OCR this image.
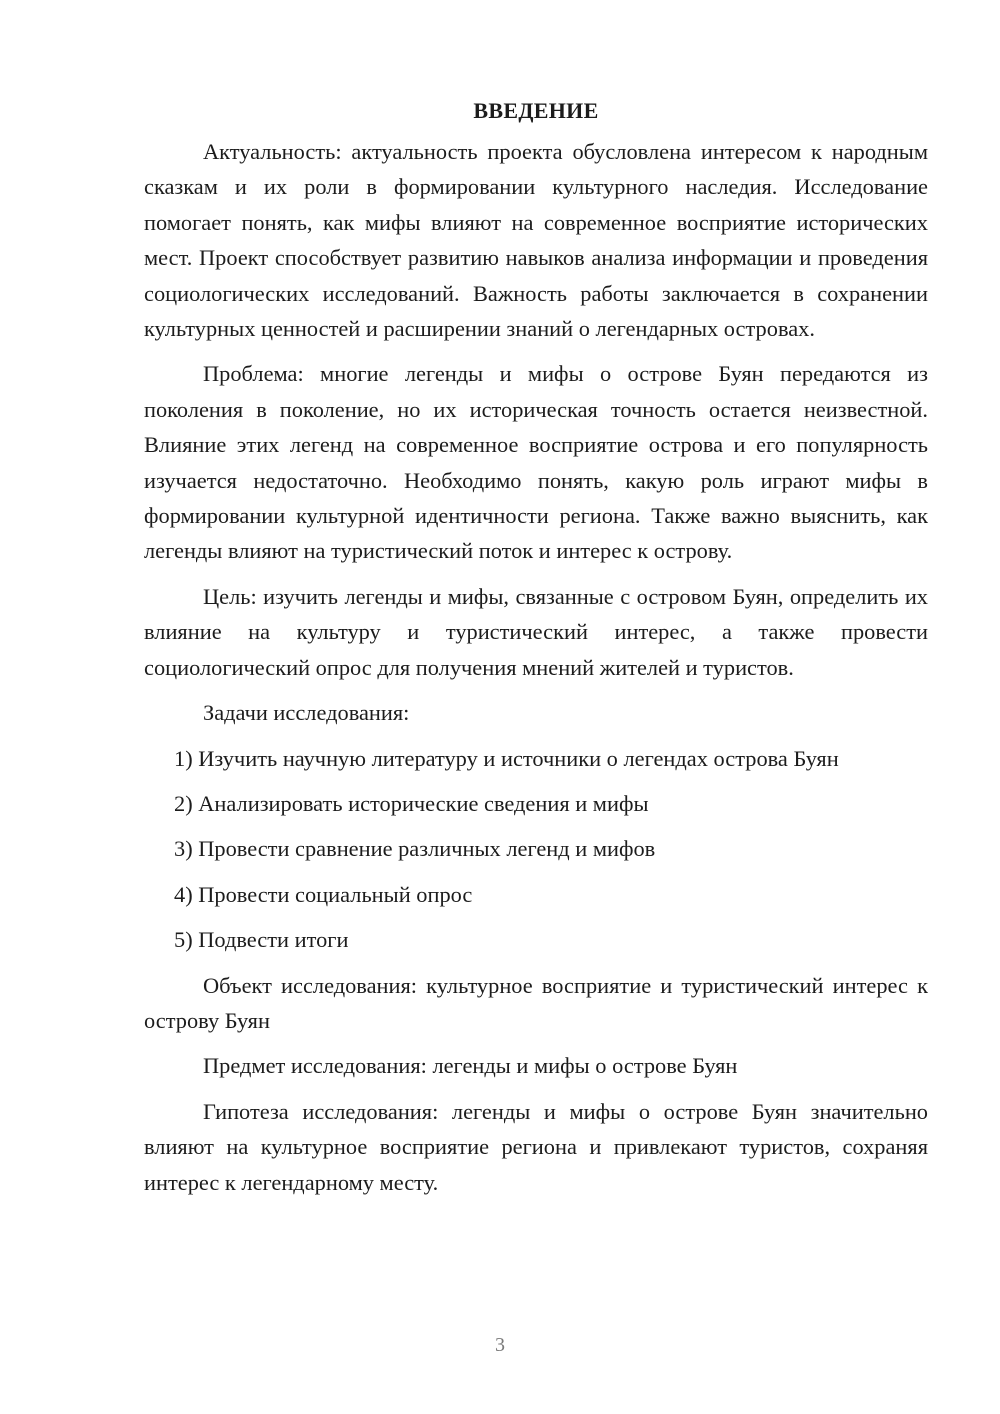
ВВЕДЕНИЕ

Актуальность: актуальность проекта обусловлена интересом к народным сказкам и их роли в формировании культурного наследия. Исследование помогает понять, как мифы влияют на современное восприятие исторических мест. Проект способствует развитию навыков анализа информации и проведения социологических исследований. Важность работы заключается в сохранении культурных ценностей и расширении знаний о легендарных островах.

Проблема: многие легенды и мифы о острове Буян передаются из поколения в поколение, но их историческая точность остается неизвестной. Влияние этих легенд на современное восприятие острова и его популярность изучается недостаточно. Необходимо понять, какую роль играют мифы в формировании культурной идентичности региона. Также важно выяснить, как легенды влияют на туристический поток и интерес к острову.

Цель: изучить легенды и мифы, связанные с островом Буян, определить их влияние на культуру и туристический интерес, а также провести социологический опрос для получения мнений жителей и туристов.

Задачи исследования:

1) Изучить научную литературу и источники о легендах острова Буян
2) Анализировать исторические сведения и мифы
3) Провести сравнение различных легенд и мифов
4) Провести социальный опрос
5) Подвести итоги

Объект исследования: культурное восприятие и туристический интерес к острову Буян

Предмет исследования: легенды и мифы о острове Буян

Гипотеза исследования: легенды и мифы о острове Буян значительно влияют на культурное восприятие региона и привлекают туристов, сохраняя интерес к легендарному месту.

3
